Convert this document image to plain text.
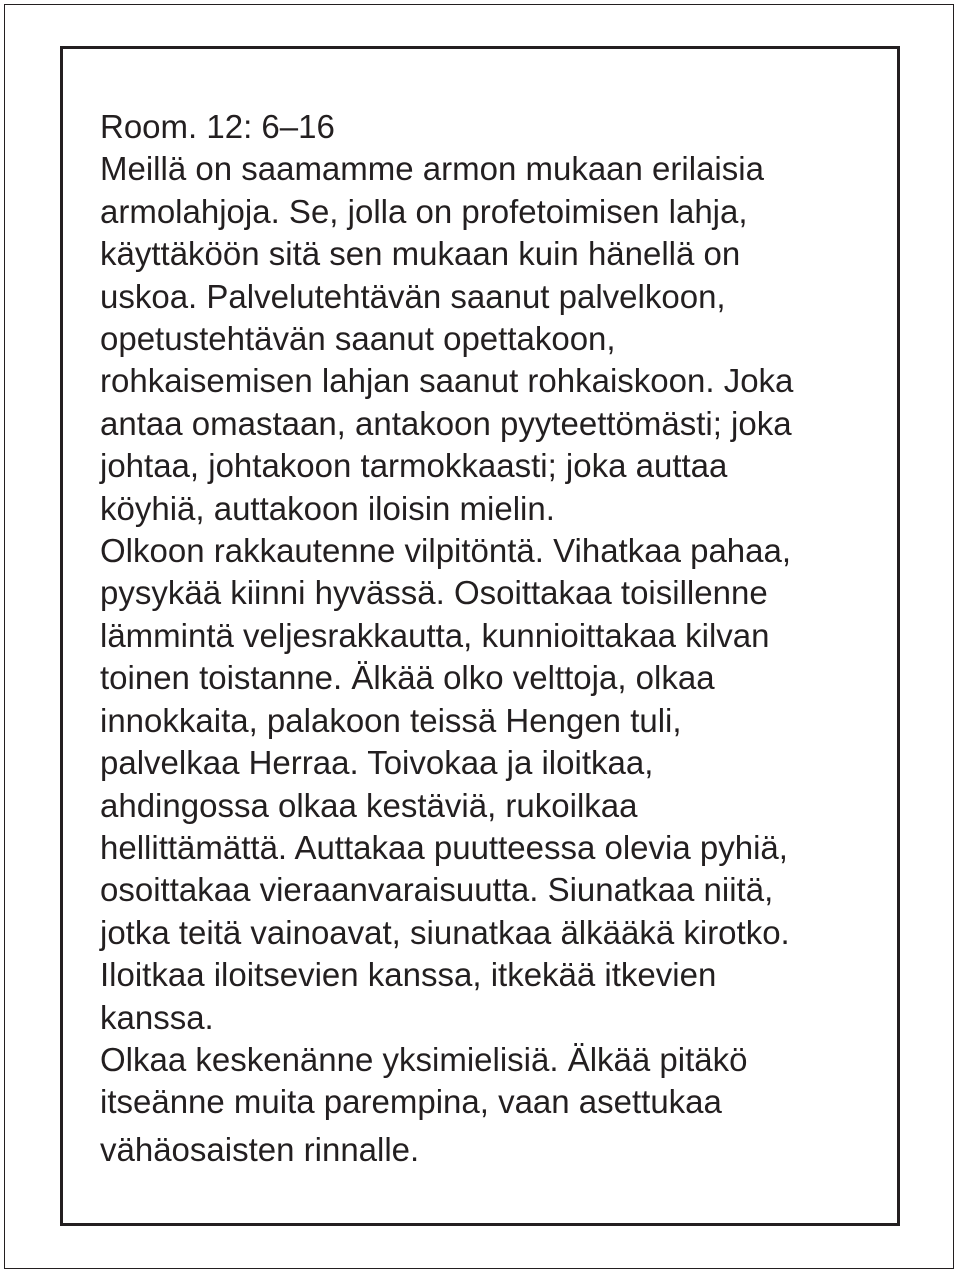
Room. 12: 6–16
Meillä on saamamme armon mukaan erilaisia
armolahjoja. Se, jolla on profetoimisen lahja,
käyttäköön sitä sen mukaan kuin hänellä on
uskoa. Palvelutehtävän saanut palvelkoon,
opetustehtävän saanut opettakoon,
rohkaisemisen lahjan saanut rohkaiskoon. Joka
antaa omastaan, antakoon pyyteettömästi; joka
johtaa, johtakoon tarmokkaasti; joka auttaa
köyhiä, auttakoon iloisin mielin.
Olkoon rakkautenne vilpitöntä. Vihatkaa pahaa,
pysykää kiinni hyvässä. Osoittakaa toisillenne
lämmintä veljesrakkautta, kunnioittakaa kilvan
toinen toistanne. Älkää olko velttoja, olkaa
innokkaita, palakoon teissä Hengen tuli,
palvelkaa Herraa. Toivokaa ja iloitkaa,
ahdingossa olkaa kestäviä, rukoilkaa
hellittämättä. Auttakaa puutteessa olevia pyhiä,
osoittakaa vieraanvaraisuutta. Siunatkaa niitä,
jotka teitä vainoavat, siunatkaa älkääkä kirotko.
Iloitkaa iloitsevien kanssa, itkekää itkevien
kanssa.
Olkaa keskenänne yksimielisiä. Älkää pitäkö
itseänne muita parempina, vaan asettukaa
vähäosaisten rinnalle.
